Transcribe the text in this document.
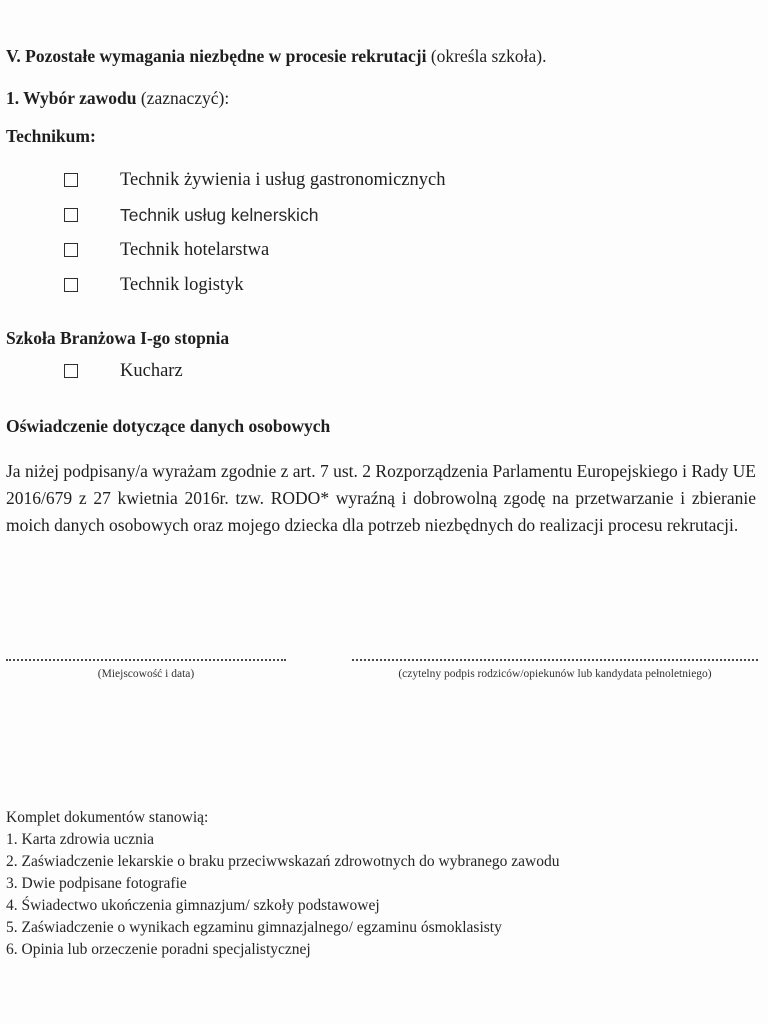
V. Pozostałe wymagania niezbędne w procesie rekrutacji (określa szkoła).

1. Wybór zawodu (zaznaczyć):

Technikum:

Technik żywienia i usług gastronomicznych
Technik usług kelnerskich
Technik hotelarstwa
Technik logistyk

Szkoła Branżowa I-go stopnia

Kucharz

Oświadczenie dotyczące danych osobowych

Ja niżej podpisany/a wyrażam zgodnie z art. 7 ust. 2 Rozporządzenia Parlamentu Europejskiego i Rady UE 2016/679 z 27 kwietnia 2016r. tzw. RODO* wyraźną i dobrowolną zgodę na przetwarzanie i zbieranie moich danych osobowych oraz mojego dziecka dla potrzeb niezbędnych do realizacji procesu rekrutacji.

(Miejscowość i data)	(czytelny podpis rodziców/opiekunów lub kandydata pełnoletniego)
Komplet dokumentów stanowią:
1. Karta zdrowia ucznia
2. Zaświadczenie lekarskie o braku przeciwwskazań zdrowotnych do wybranego zawodu
3. Dwie podpisane fotografie
4. Świadectwo ukończenia gimnazjum/ szkoły podstawowej
5. Zaświadczenie o wynikach egzaminu gimnazjalnego/ egzaminu ósmoklasisty
6. Opinia lub orzeczenie poradni specjalistycznej
